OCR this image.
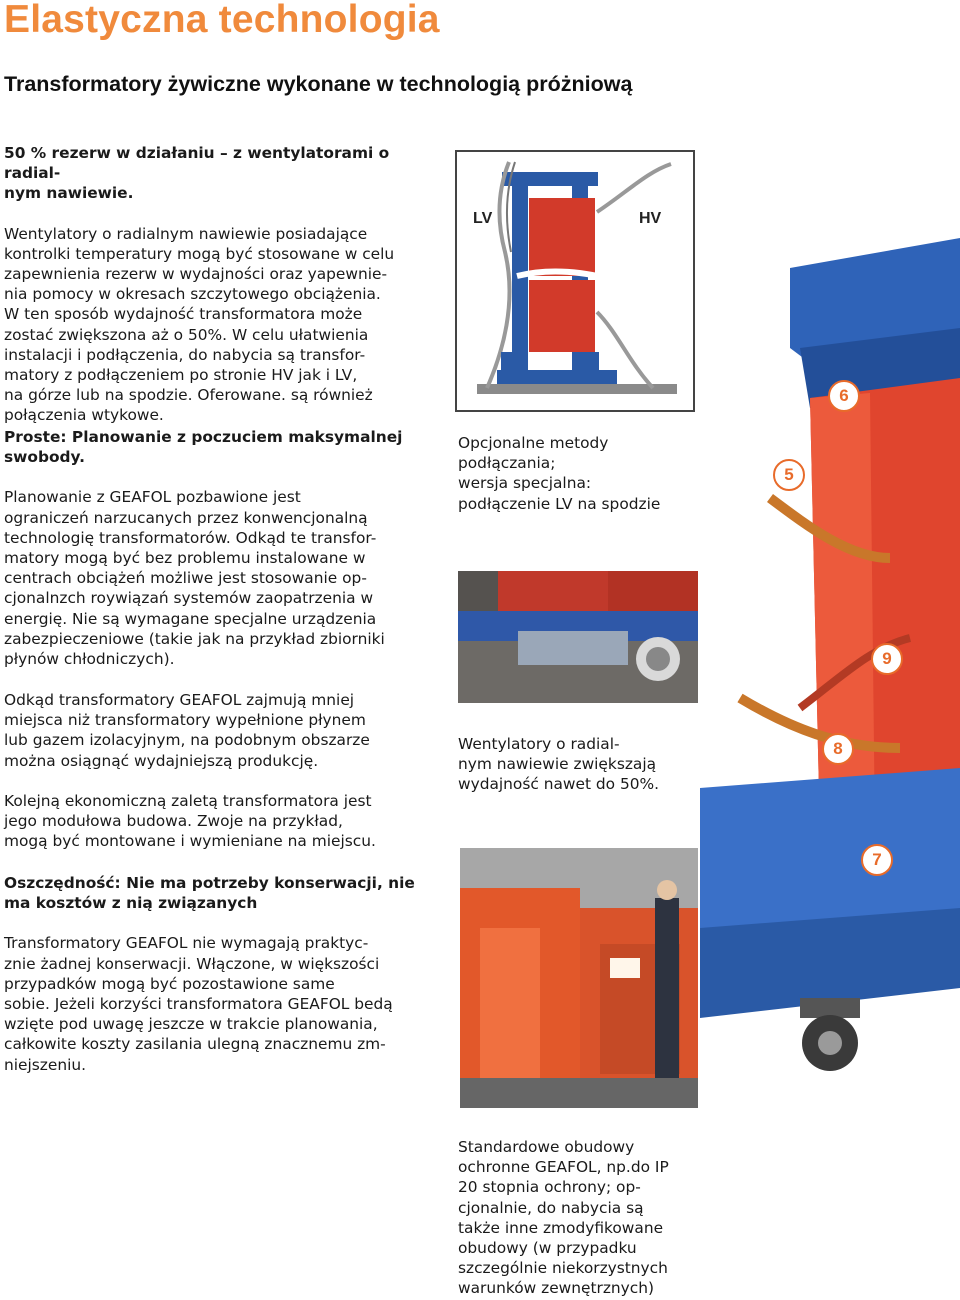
Elastyczna technologia
Transformatory żywiczne wykonane w technologią próżniową

50 % rezerw w działaniu – z wentylatorami o radial-

nym nawiewie.

Wentylatory o radialnym nawiewie posiadające

kontrolki temperatury mogą być stosowane w celu

zapewnienia rezerw w wydajności oraz yapewnie-

nia pomocy w okresach szczytowego obciążenia.

W ten sposób wydajność transformatora może

zostać zwiększona aż o 50%. W celu ułatwienia

instalacji i podłączenia, do nabycia są transfor-

matory z podłączeniem po stronie HV jak i LV,

na górze lub na spodzie. Oferowane. są również

połączenia wtykowe.

Proste: Planowanie z poczuciem maksymalnej

swobody.

Planowanie z GEAFOL pozbawione jest

ograniczeń narzucanych przez konwencjonalną

technologię transformatorów. Odkąd te transfor-

matory mogą być bez problemu instalowane w

centrach obciążeń możliwe jest stosowanie op-

cjonalnzch roywiązań systemów zaopatrzenia w

energię. Nie są wymagane specjalne urządzenia

zabezpieczeniowe (takie jak na przykład zbiorniki

płynów chłodniczych).

Odkąd transformatory GEAFOL zajmują mniej

miejsca niż transformatory wypełnione płynem

lub gazem izolacyjnym, na podobnym obszarze

można osiągnąć wydajniejszą produkcję.

Kolejną ekonomiczną zaletą transformatora jest

jego modułowa budowa. Zwoje na przykład,

mogą być montowane i wymieniane na miejscu.

Oszczędność: Nie ma potrzeby konserwacji, nie

ma kosztów z nią związanych

Transformatory GEAFOL nie wymagają praktyc-

znie żadnej konserwacji. Włączone, w większości

przypadków mogą być pozostawione same

sobie. Jeżeli korzyści transformatora GEAFOL bedą

wzięte pod uwagę jeszcze w trakcie planowania,

całkowite koszty zasilania ulegną znacznemu zm-

niejszeniu.

LV	HV

Opcjonalne metody

podłączania;

wersja specjalna:

podłączenie LV na spodzie

Wentylatory o radial-

nym nawiewie zwiększają

wydajność nawet do 50%.

Standardowe obudowy

ochronne GEAFOL, np.do IP

20 stopnia ochrony; op-

cjonalnie, do nabycia są

także inne zmodyfikowane

obudowy (w przypadku

szczególnie niekorzystnych

warunków zewnętrznych)

6
5
9
8
7
